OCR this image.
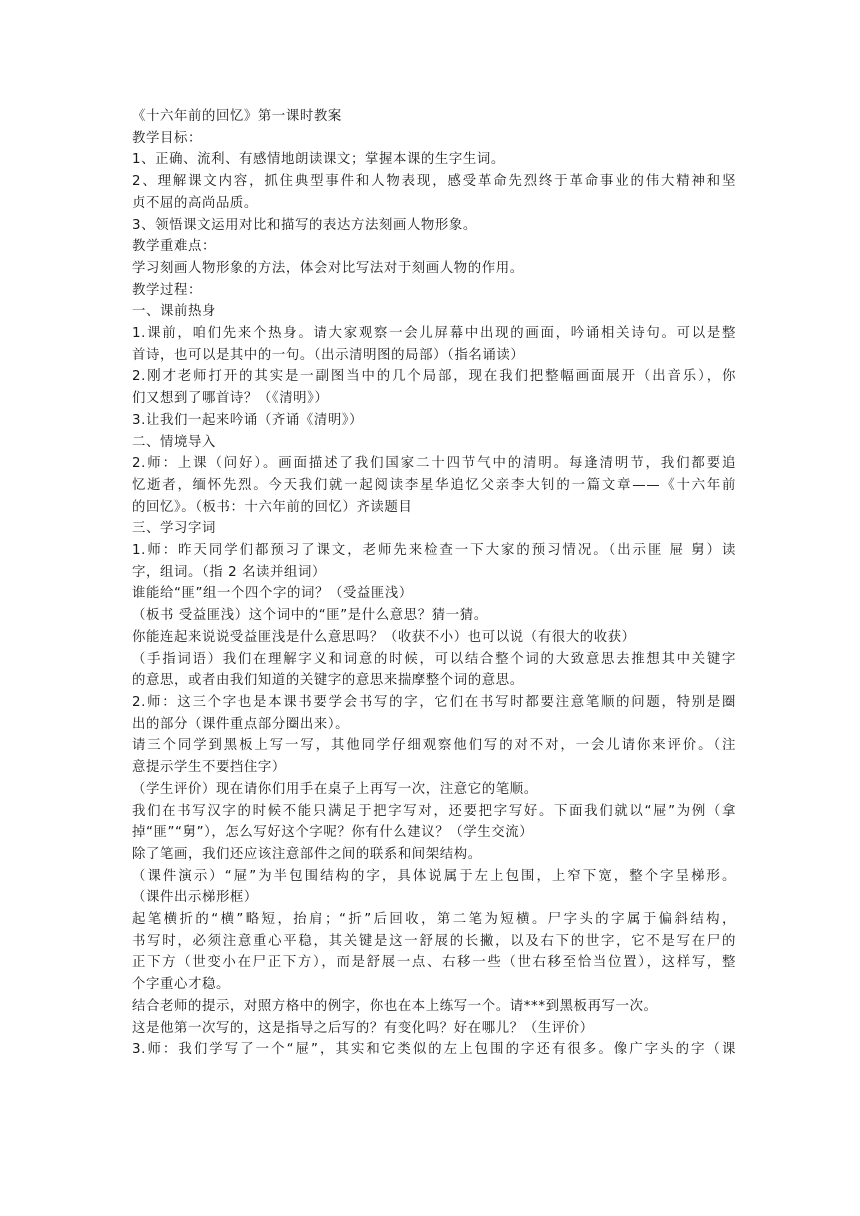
《十六年前的回忆》第一课时教案

教学目标：

1、正确、流利、有感情地朗读课文；掌握本课的生字生词。

2、理解课文内容，抓住典型事件和人物表现，感受革命先烈终于革命事业的伟大精神和坚

贞不屈的高尚品质。

3、领悟课文运用对比和描写的表达方法刻画人物形象。

教学重难点：

学习刻画人物形象的方法，体会对比写法对于刻画人物的作用。

教学过程：

一、课前热身

1.课前，咱们先来个热身。请大家观察一会儿屏幕中出现的画面，吟诵相关诗句。可以是整

首诗，也可以是其中的一句。（出示清明图的局部）（指名诵读）

2.刚才老师打开的其实是一副图当中的几个局部，现在我们把整幅画面展开（出音乐），你

们又想到了哪首诗？（《清明》）

3.让我们一起来吟诵（齐诵《清明》）

二、情境导入

2.师：上课（问好）。画面描述了我们国家二十四节气中的清明。每逢清明节，我们都要追

忆逝者，缅怀先烈。今天我们就一起阅读李星华追忆父亲李大钊的一篇文章——《十六年前

的回忆》。（板书：十六年前的回忆）齐读题目

三、学习字词

1.师：昨天同学们都预习了课文，老师先来检查一下大家的预习情况。（出示匪 屉 舅）读

字，组词。（指 2 名读并组词）

谁能给“匪”组一个四个字的词？（受益匪浅）

（板书 受益匪浅）这个词中的“匪”是什么意思？猜一猜。

你能连起来说说受益匪浅是什么意思吗？（收获不小）也可以说（有很大的收获）

（手指词语）我们在理解字义和词意的时候，可以结合整个词的大致意思去推想其中关键字

的意思，或者由我们知道的关键字的意思来揣摩整个词的意思。

2.师：这三个字也是本课书要学会书写的字，它们在书写时都要注意笔顺的问题，特别是圈

出的部分（课件重点部分圈出来）。

请三个同学到黑板上写一写，其他同学仔细观察他们写的对不对，一会儿请你来评价。（注

意提示学生不要挡住字）

（学生评价）现在请你们用手在桌子上再写一次，注意它的笔顺。

我们在书写汉字的时候不能只满足于把字写对，还要把字写好。下面我们就以“屉”为例（拿

掉“匪”“舅”），怎么写好这个字呢？你有什么建议？（学生交流）

除了笔画，我们还应该注意部件之间的联系和间架结构。

（课件演示）“屉”为半包围结构的字，具体说属于左上包围，上窄下宽，整个字呈梯形。

（课件出示梯形框）

起笔横折的“横”略短，抬肩；“折”后回收，第二笔为短横。尸字头的字属于偏斜结构，

书写时，必须注意重心平稳，其关键是这一舒展的长撇，以及右下的世字，它不是写在尸的

正下方（世变小在尸正下方），而是舒展一点、右移一些（世右移至恰当位置），这样写，整

个字重心才稳。

结合老师的提示，对照方格中的例字，你也在本上练写一个。请***到黑板再写一次。

这是他第一次写的，这是指导之后写的？有变化吗？好在哪儿？（生评价）

3.师：我们学写了一个“屉”，其实和它类似的左上包围的字还有很多。像广字头的字（课
